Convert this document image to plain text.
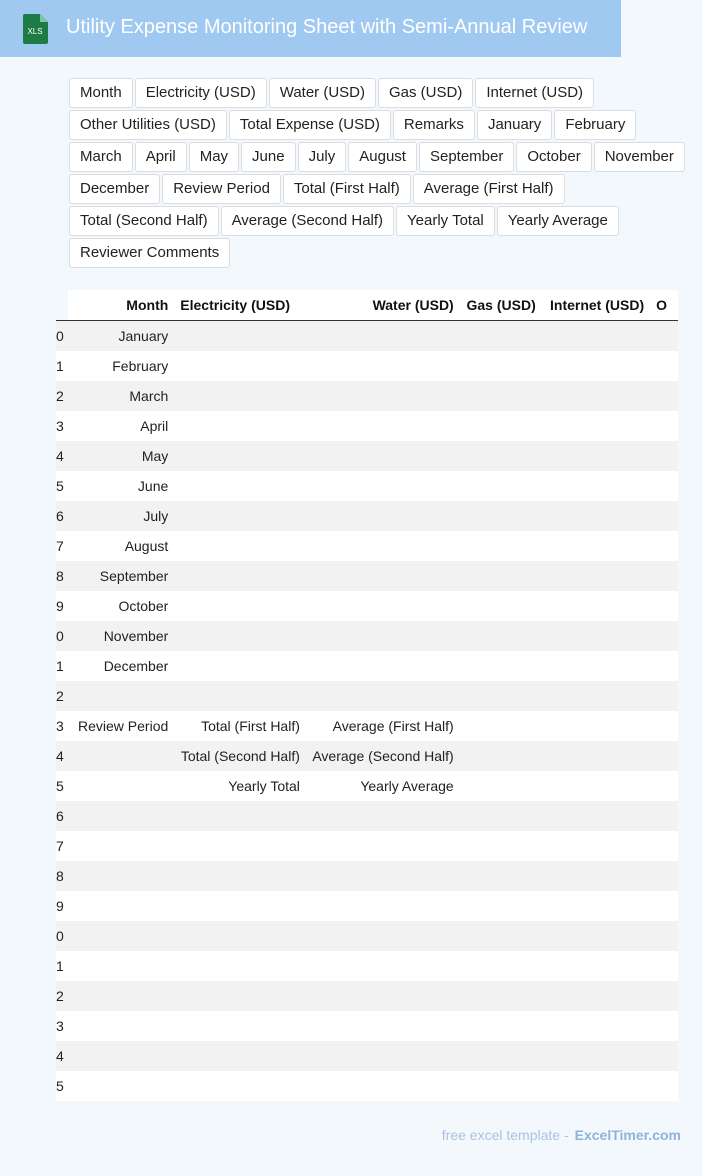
XLS Utility Expense Monitoring Sheet with Semi-Annual Review
Month	Electricity (USD)	Water (USD)	Gas (USD)	Internet (USD)
Other Utilities (USD)	Total Expense (USD)	Remarks	January	February
March	April	May	June	July	August	September	October	November
December	Review Period	Total (First Half)	Average (First Half)
Total (Second Half)	Average (Second Half)	Yearly Total	Yearly Average
Reviewer Comments
	Month	Electricity (USD)	Water (USD)	Gas (USD)	Internet (USD)	O
0	January					
1	February					
2	March					
3	April					
4	May					
5	June					
6	July					
7	August					
8	September					
9	October					
0	November					
1	December					
2						
3	Review Period	Total (First Half)	Average (First Half)			
4		Total (Second Half)	Average (Second Half)			
5		Yearly Total	Yearly Average			
6						
7						
8						
9						
0						
1						
2						
3						
4						
5						
free excel template - ExcelTimer.com
